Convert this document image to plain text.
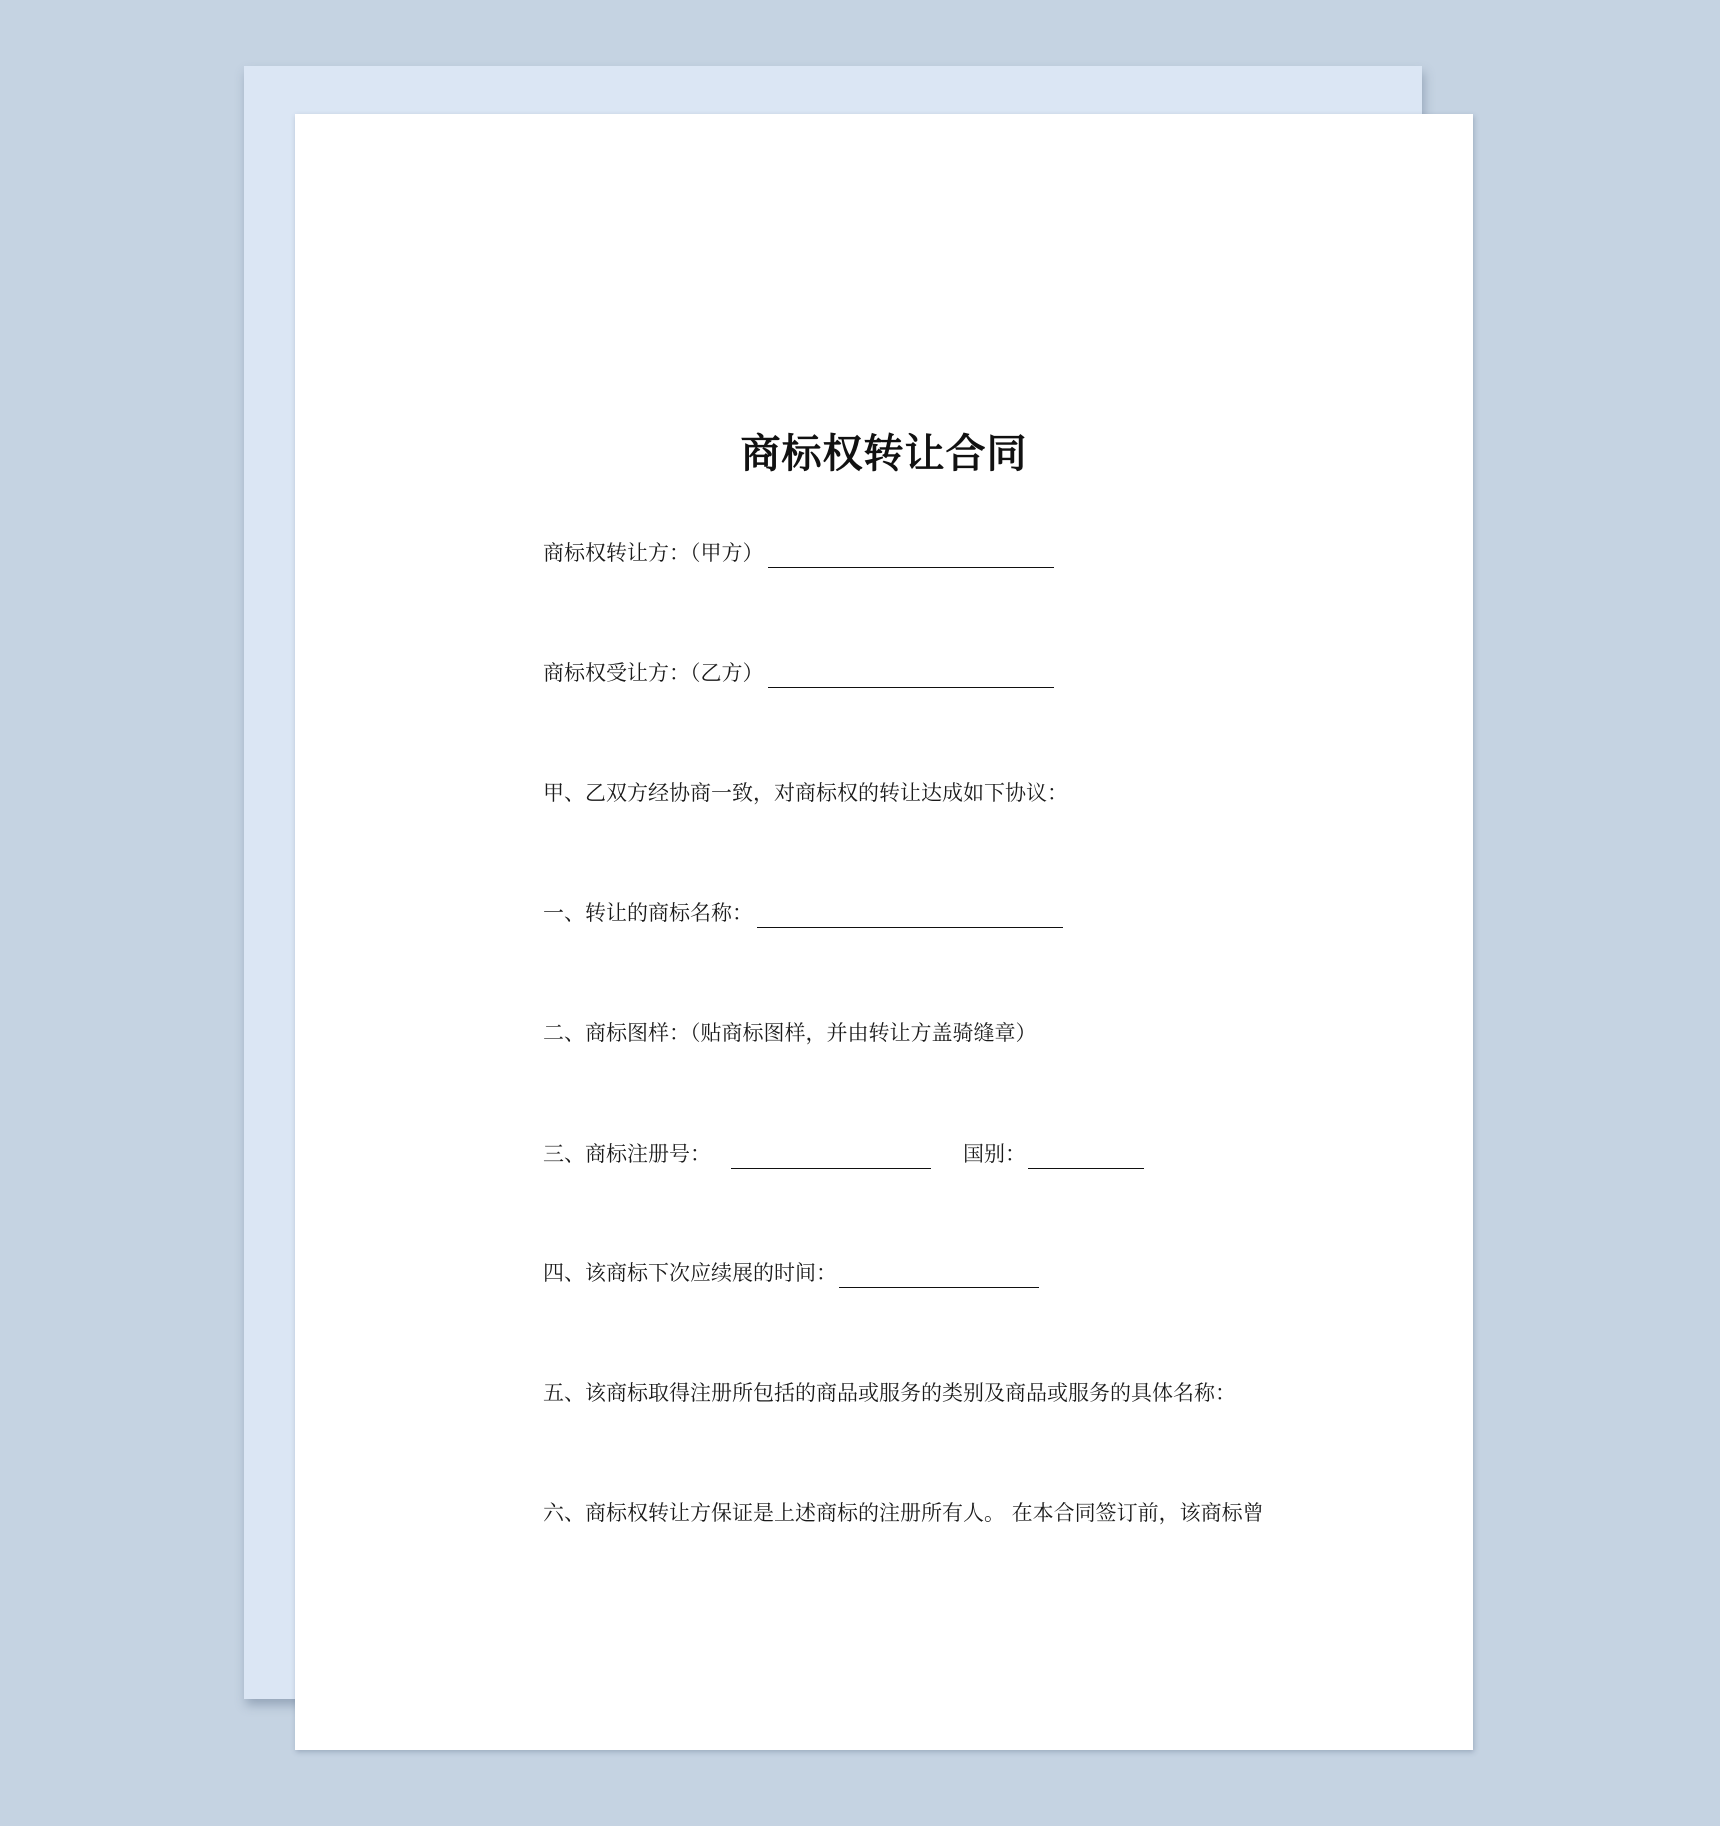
商标权转让合同
商标权转让方：（甲方）
商标权受让方：（乙方）
甲、乙双方经协商一致，对商标权的转让达成如下协议：
一、转让的商标名称：
二、商标图样：（贴商标图样，并由转让方盖骑缝章）
三、商标注册号：	国别：
四、该商标下次应续展的时间：
五、该商标取得注册所包括的商品或服务的类别及商品或服务的具体名称：
六、商标权转让方保证是上述商标的注册所有人。 在本合同签订前，该商标曾
